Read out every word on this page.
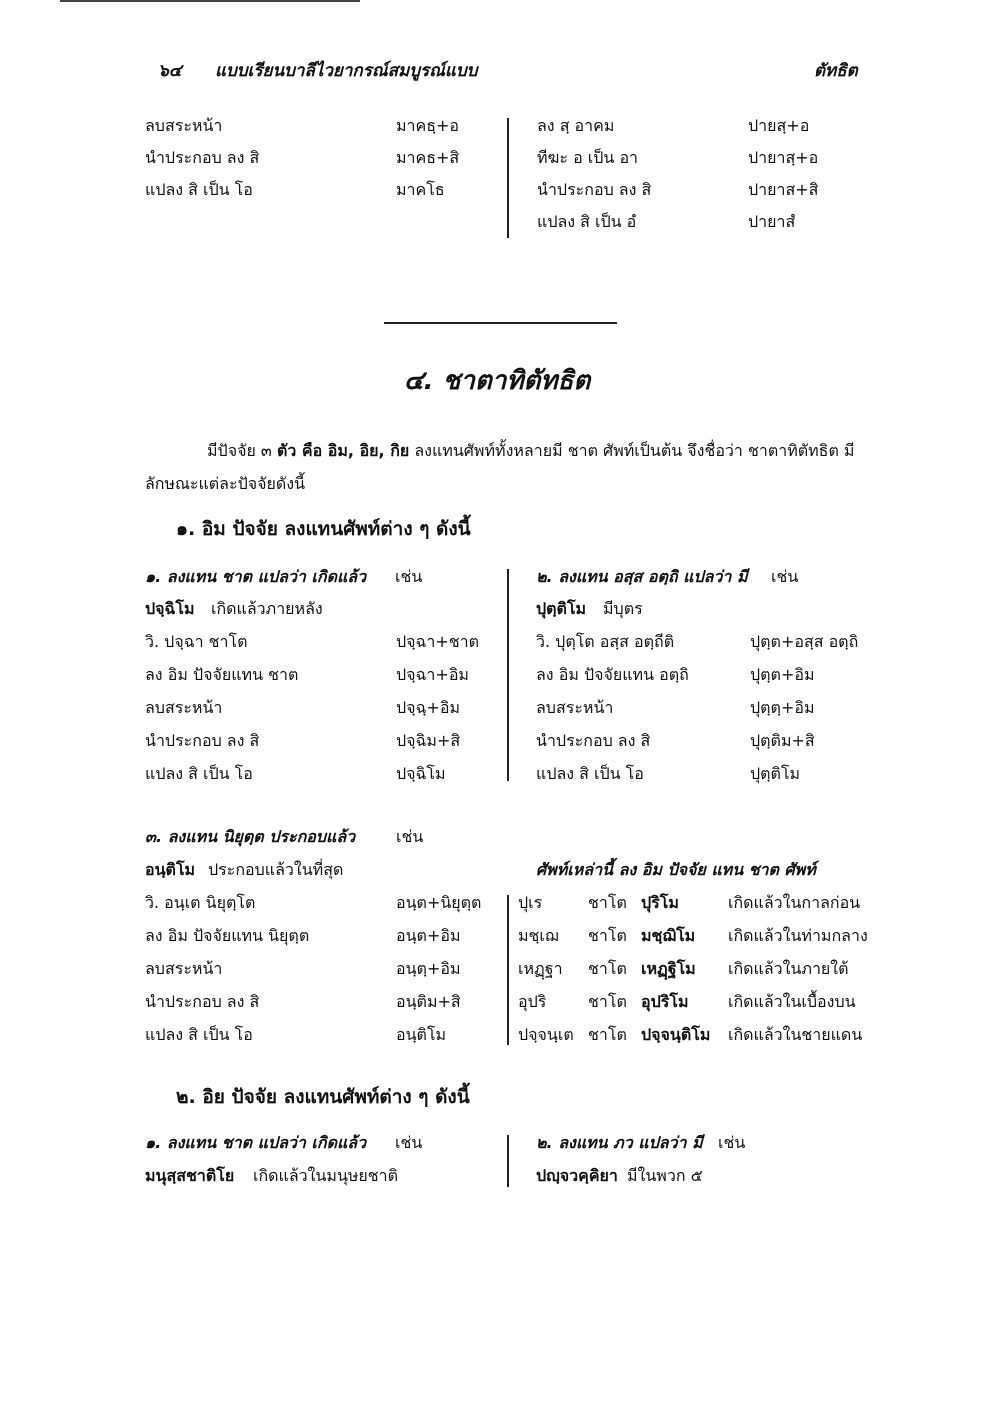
๖๔ แบบเรียนบาลีไวยากรณ์สมบูรณ์แบบ	ตัทธิต
ลบสระหน้า	มาคธฺ+อ
นำประกอบ ลง สิ	มาคธ+สิ
แปลง สิ เป็น โอ	มาคโธ
ลง สฺ อาคม	ปายสฺ+อ
ทีฆะ อ เป็น อา	ปายาสฺ+อ
นำประกอบ ลง สิ	ปายาส+สิ
แปลง สิ เป็น อํ	ปายาสํ
๔. ชาตาทิตัทธิต
มีปัจจัย ๓ ตัว คือ อิม, อิย, กิย ลงแทนศัพท์ทั้งหลายมี ชาต ศัพท์เป็นต้น จึงชื่อว่า ชาตาทิตัทธิต มี
ลักษณะแต่ละปัจจัยดังนี้
๑. อิม ปัจจัย ลงแทนศัพท์ต่าง ๆ ดังนี้
๑. ลงแทน ชาต แปลว่า เกิดแล้ว เช่น
ปจฺฉิโม เกิดแล้วภายหลัง
วิ. ปจฺฉา ชาโต	ปจฺฉา+ชาต
ลง อิม ปัจจัยแทน ชาต	ปจฺฉา+อิม
ลบสระหน้า	ปจฺฉฺ+อิม
นำประกอบ ลง สิ	ปจฺฉิม+สิ
แปลง สิ เป็น โอ	ปจฺฉิโม
๒. ลงแทน อสฺส อตฺถิ แปลว่า มี เช่น
ปุตฺติโม มีบุตร
วิ. ปุตฺโต อสฺส อตฺถีติ	ปุตฺต+อสฺส อตฺถิ
ลง อิม ปัจจัยแทน อตฺถิ	ปุตฺต+อิม
ลบสระหน้า	ปุตฺตฺ+อิม
นำประกอบ ลง สิ	ปุตฺติม+สิ
แปลง สิ เป็น โอ	ปุตฺติโม
๓. ลงแทน นิยุตฺต ประกอบแล้ว	เช่น
อนฺติโม ประกอบแล้วในที่สุด
วิ. อนฺเต นิยุตฺโต	อนฺต+นิยุตฺต
ลง อิม ปัจจัยแทน นิยุตฺต	อนฺต+อิม
ลบสระหน้า	อนฺตฺ+อิม
นำประกอบ ลง สิ	อนฺติม+สิ
แปลง สิ เป็น โอ	อนฺติโม
ศัพท์เหล่านี้ ลง อิม ปัจจัย แทน ชาต ศัพท์
ปุเร	ชาโต ปุริโม	เกิดแล้วในกาลก่อน
มชฺเฌ ชาโต มชฺฌิโม เกิดแล้วในท่ามกลาง
เหฏฺฐา ชาโต เหฏฺฐิโม เกิดแล้วในภายใต้
อุปริ	ชาโต อุปริโม เกิดแล้วในเบื้องบน
ปจฺจนฺเต ชาโต ปจฺจนฺติโม เกิดแล้วในชายแดน
๒. อิย ปัจจัย ลงแทนศัพท์ต่าง ๆ ดังนี้
๑. ลงแทน ชาต แปลว่า เกิดแล้ว เช่น
มนุสฺสชาติโย เกิดแล้วในมนุษยชาติ
๒. ลงแทน ภว แปลว่า มี เช่น
ปญฺจวคฺคิยา มีในพวก ๕
